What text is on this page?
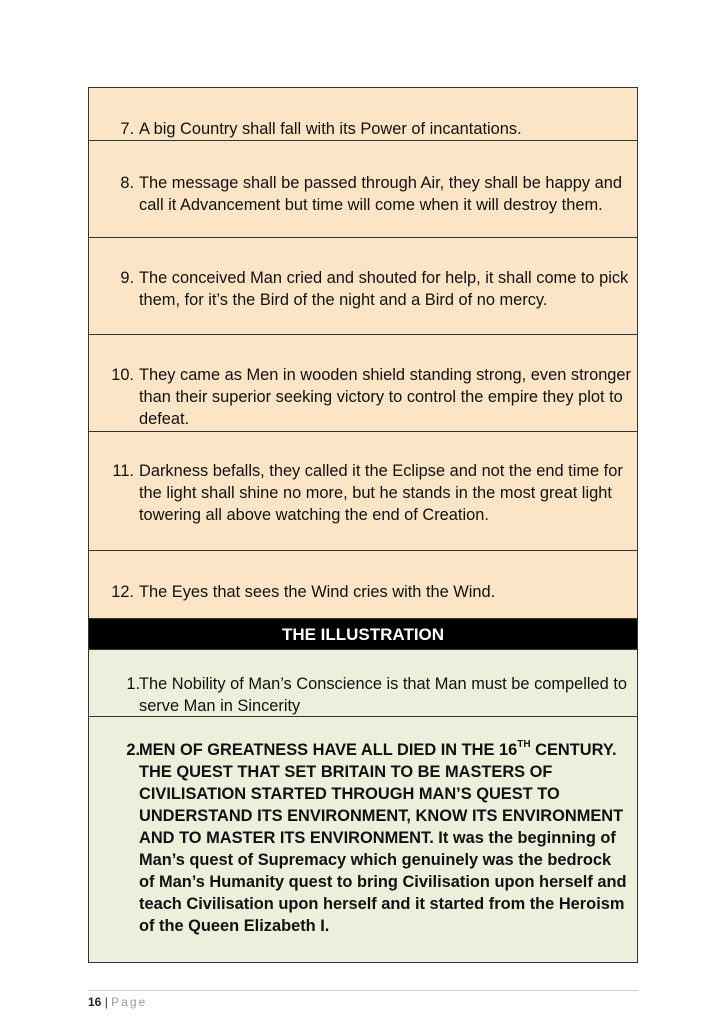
7. A big Country shall fall with its Power of incantations.
8. The message shall be passed through Air, they shall be happy and call it Advancement but time will come when it will destroy them.
9. The conceived Man cried and shouted for help, it shall come to pick them, for it’s the Bird of the night and a Bird of no mercy.
10. They came as Men in wooden shield standing strong, even stronger than their superior seeking victory to control the empire they plot to defeat.
11. Darkness befalls, they called it the Eclipse and not the end time for the light shall shine no more, but he stands in the most great light towering all above watching the end of Creation.
12. The Eyes that sees the Wind cries with the Wind.
THE ILLUSTRATION
1. The Nobility of Man’s Conscience is that Man must be compelled to serve Man in Sincerity
2. MEN OF GREATNESS HAVE ALL DIED IN THE 16TH CENTURY. THE QUEST THAT SET BRITAIN TO BE MASTERS OF CIVILISATION STARTED THROUGH MAN’S QUEST TO UNDERSTAND ITS ENVIRONMENT, KNOW ITS ENVIRONMENT AND TO MASTER ITS ENVIRONMENT. It was the beginning of Man’s quest of Supremacy which genuinely was the bedrock of Man’s Humanity quest to bring Civilisation upon herself and teach Civilisation upon herself and it started from the Heroism of the Queen Elizabeth I.
16 | Page
